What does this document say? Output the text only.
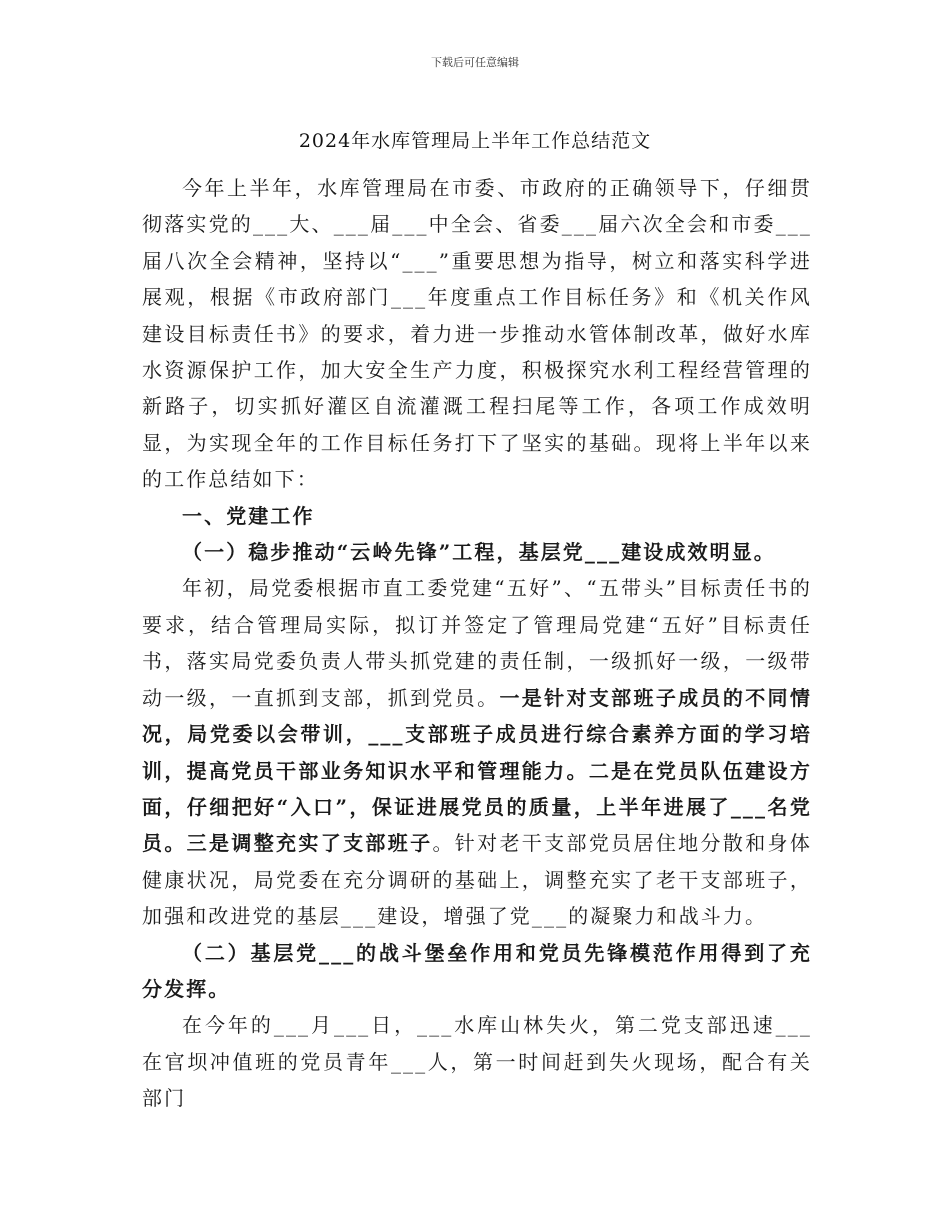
下载后可任意编辑
2024年水库管理局上半年工作总结范文

今年上半年，水库管理局在市委、市政府的正确领导下，仔细贯彻落实党的___大、___届___中全会、省委___届六次全会和市委___届八次全会精神，坚持以“___”重要思想为指导，树立和落实科学进展观，根据《市政府部门___年度重点工作目标任务》和《机关作风建设目标责任书》的要求，着力进一步推动水管体制改革，做好水库水资源保护工作，加大安全生产力度，积极探究水利工程经营管理的新路子，切实抓好灌区自流灌溉工程扫尾等工作，各项工作成效明显，为实现全年的工作目标任务打下了坚实的基础。现将上半年以来的工作总结如下：

一、党建工作

（一）稳步推动“云岭先锋”工程，基层党___建设成效明显。

年初，局党委根据市直工委党建“五好”、“五带头”目标责任书的要求，结合管理局实际，拟订并签定了管理局党建“五好”目标责任书，落实局党委负责人带头抓党建的责任制，一级抓好一级，一级带动一级，一直抓到支部，抓到党员。一是针对支部班子成员的不同情况，局党委以会带训，___支部班子成员进行综合素养方面的学习培训，提高党员干部业务知识水平和管理能力。二是在党员队伍建设方面，仔细把好“入口”，保证进展党员的质量，上半年进展了___名党员。三是调整充实了支部班子。针对老干支部党员居住地分散和身体健康状况，局党委在充分调研的基础上，调整充实了老干支部班子，加强和改进党的基层___建设，增强了党___的凝聚力和战斗力。

（二）基层党___的战斗堡垒作用和党员先锋模范作用得到了充分发挥。

在今年的___月___日，___水库山林失火，第二党支部迅速___在官坝冲值班的党员青年___人，第一时间赶到失火现场，配合有关部门
